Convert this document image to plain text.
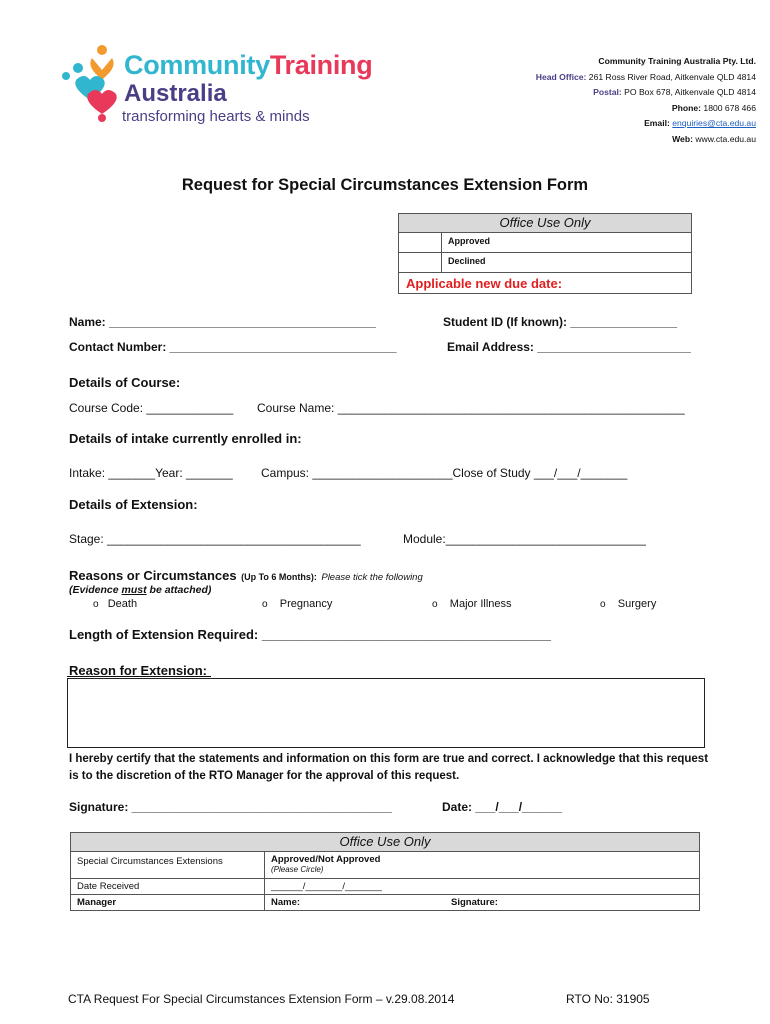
CommunityTraining
Australia
transforming hearts & minds
Community Training Australia Pty. Ltd.
Head Office: 261 Ross River Road, Aitkenvale QLD 4814
Postal: PO Box 678, Aitkenvale QLD 4814
Phone: 1800 678 466
Email: enquiries@cta.edu.au
Web: www.cta.edu.au
Request for Special Circumstances Extension Form
Office Use Only
Approved
Declined
Applicable new due date:
Name: ________________________________________	Student ID (If known): ________________
Contact Number: __________________________________	Email Address: _______________________
Details of Course:
Course Code: _____________ Course Name: ____________________________________________________
Details of intake currently enrolled in:
Intake: _______Year: _______ Campus: _____________________Close of Study ___/___/_______
Details of Extension:
Stage: ______________________________________	Module:______________________________
Reasons or Circumstances (Up To 6 Months): Please tick the following
(Evidence must be attached)
o Death	o Pregnancy	o Major Illness	o Surgery
Length of Extension Required: ________________________________________
Reason for Extension:
I hereby certify that the statements and information on this form are true and correct. I acknowledge that this request is to the discretion of the RTO Manager for the approval of this request.
Signature: _______________________________________	Date: ___/___/______
Office Use Only
Special Circumstances Extensions	Approved/Not Approved
(Please Circle)
Date Received	______/_______/_______
Manager	Name:	Signature:
CTA Request For Special Circumstances Extension Form – v.29.08.2014	RTO No: 31905
